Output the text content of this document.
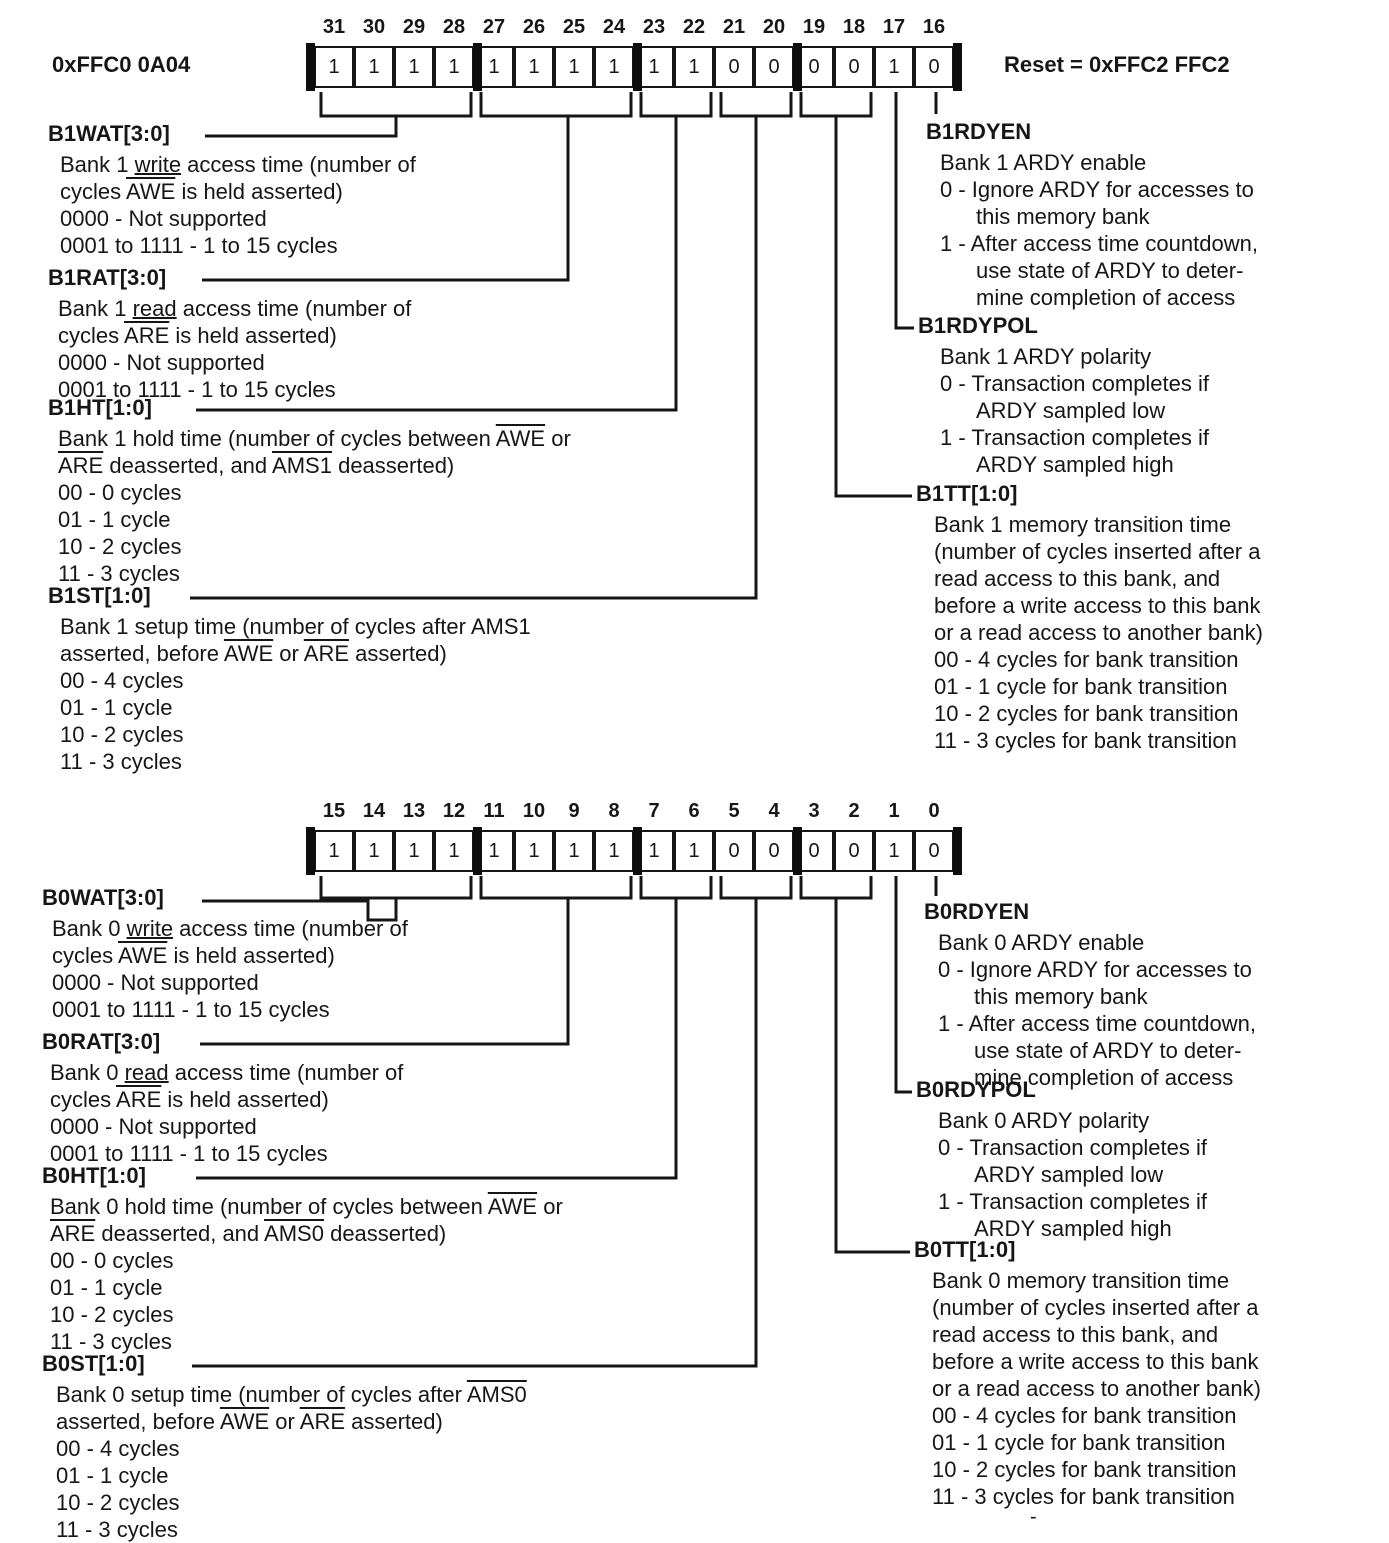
0xFFC0 0A04	Reset = 0xFFC2 FFC2
31
1
30
1
29
1
28
1
27
1
26
1
25
1
24
1
23
1
22
1
21
0
20
0
19
0
18
0
17
1
16
0
15
1
14
1
13
1
12
1
11
1
10
1
9
1
8
1
7
1
6
1
5
0
4
0
3
0
2
0
1
1
0
0
B1WAT[3:0]
Bank 1 write access time (number of
cycles $\overline{AWE}$ is held asserted)
0000 - Not supported
0001 to 1111 - 1 to 15 cycles
B1RAT[3:0]
Bank 1 read access time (number of
cycles $\overline{ARE}$ is held asserted)
0000 - Not supported
0001 to 1111 - 1 to 15 cycles
B1HT[1:0]
Bank 1 hold time (number of cycles between $\overline{AWE}$ or
$\overline{ARE}$ deasserted, and AMS1 deasserted)
00 - 0 cycles
01 - 1 cycle
10 - 2 cycles
11 - 3 cycles
B1ST[1:0]
Bank 1 setup time (number of cycles after AMS1
asserted, before $\overline{AWE}$ or $\overline{ARE}$ asserted)
00 - 4 cycles
01 - 1 cycle
10 - 2 cycles
11 - 3 cycles
B1RDYEN
Bank 1 ARDY enable
0 - Ignore ARDY for accesses to
this memory bank
1 - After access time countdown,
use state of ARDY to deter-
mine completion of access
B1RDYPOL
Bank 1 ARDY polarity
0 - Transaction completes if
ARDY sampled low
1 - Transaction completes if
ARDY sampled high
B1TT[1:0]
Bank 1 memory transition time
(number of cycles inserted after a
read access to this bank, and
before a write access to this bank
or a read access to another bank)
00 - 4 cycles for bank transition
01 - 1 cycle for bank transition
10 - 2 cycles for bank transition
11 - 3 cycles for bank transition
B0WAT[3:0]
Bank 0 write access time (number of
cycles $\overline{AWE}$ is held asserted)
0000 - Not supported
0001 to 1111 - 1 to 15 cycles
B0RAT[3:0]
Bank 0 read access time (number of
cycles $\overline{ARE}$ is held asserted)
0000 - Not supported
0001 to 1111 - 1 to 15 cycles
B0HT[1:0]
Bank 0 hold time (number of cycles between $\overline{AWE}$ or
$\overline{ARE}$ deasserted, and AMS0 deasserted)
00 - 0 cycles
01 - 1 cycle
10 - 2 cycles
11 - 3 cycles
B0ST[1:0]
Bank 0 setup time (number of cycles after AMS0
asserted, before $\overline{AWE}$ or $\overline{ARE}$ asserted)
00 - 4 cycles
01 - 1 cycle
10 - 2 cycles
11 - 3 cycles
B0RDYEN
Bank 0 ARDY enable
0 - Ignore ARDY for accesses to
this memory bank
1 - After access time countdown,
use state of ARDY to deter-
mine completion of access
B0RDYPOL
Bank 0 ARDY polarity
0 - Transaction completes if
ARDY sampled low
1 - Transaction completes if
ARDY sampled high
B0TT[1:0]
Bank 0 memory transition time
(number of cycles inserted after a
read access to this bank, and
before a write access to this bank
or a read access to another bank)
00 - 4 cycles for bank transition
01 - 1 cycle for bank transition
10 - 2 cycles for bank transition
11 - 3 cycles for bank transition
-
